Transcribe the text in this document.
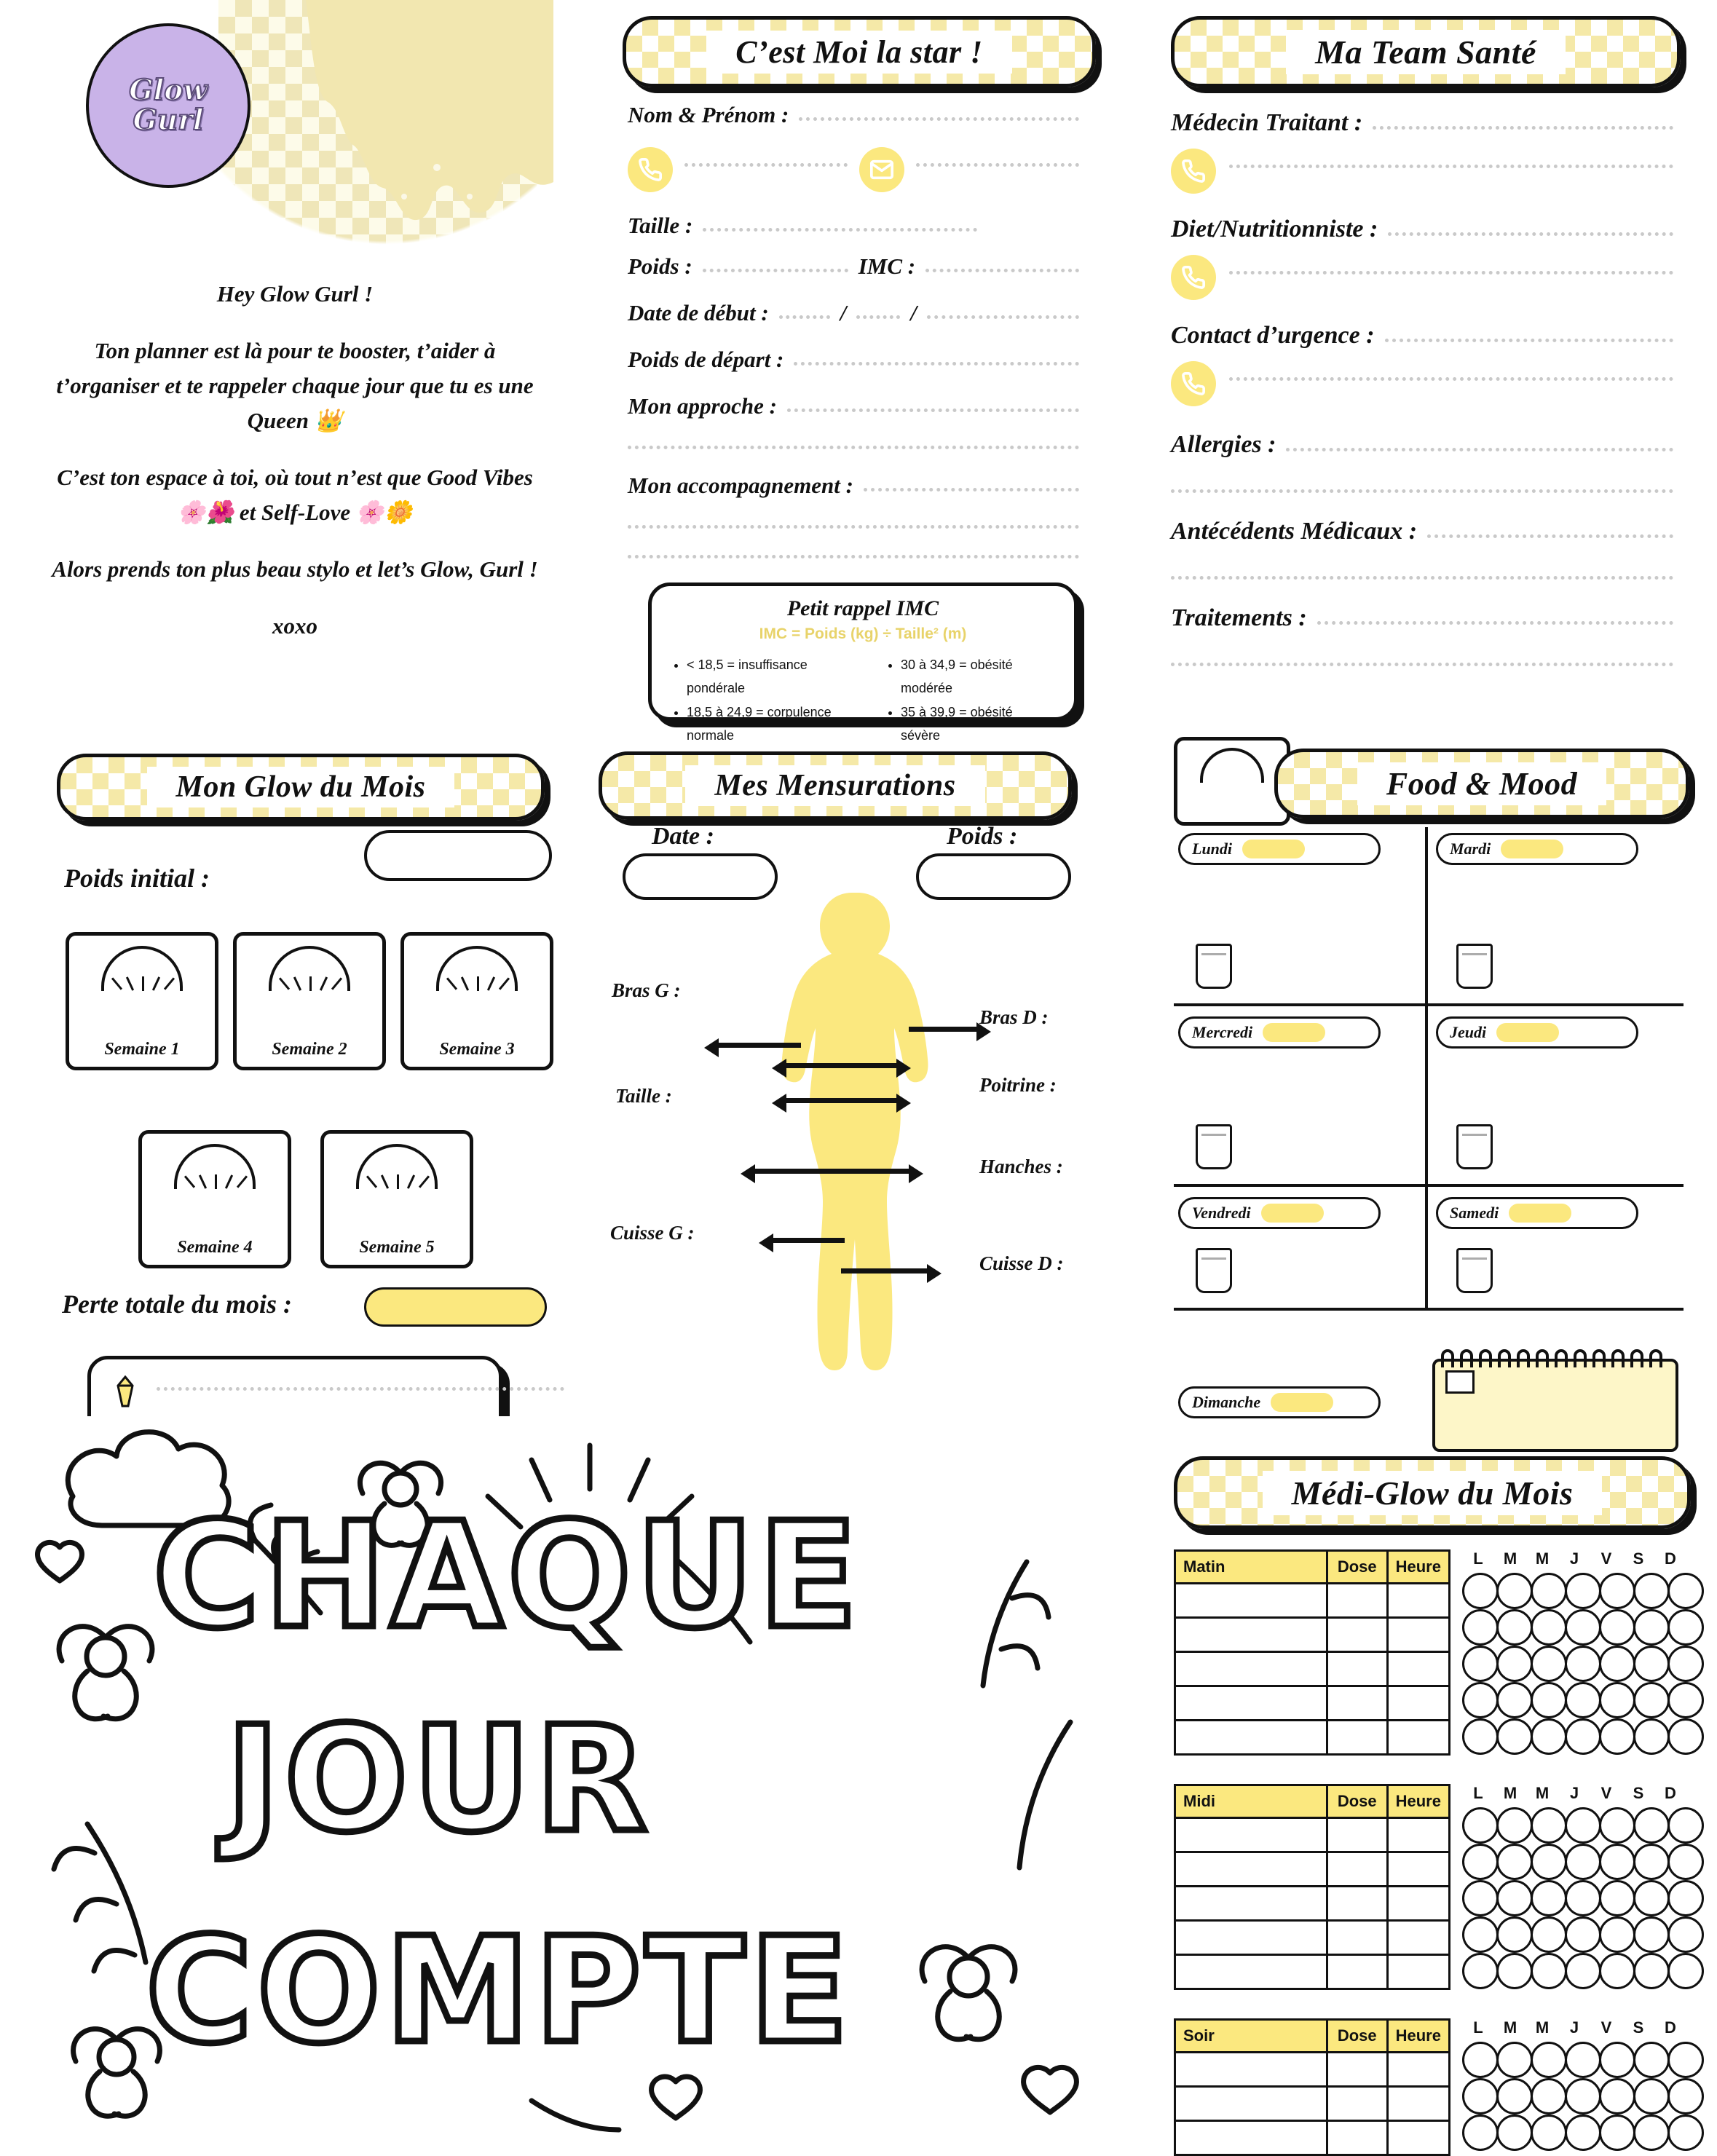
Glow
Gurl

Hey Glow Gurl !

Ton planner est là pour te booster, t’aider à t’organiser et te rappeler chaque jour que tu es une Queen 👑

C’est ton espace à toi, où tout n’est que Good Vibes 🌸🌺 et Self-Love 🌸🌼

Alors prends ton plus beau stylo et let’s Glow, Gurl !

xoxo

Mon Glow du Mois
Poids initial :
Semaine 1	Semaine 2	Semaine 3
Semaine 4	Semaine 5
Perte totale du mois :
C’est Moi la star !
Nom & Prénom :
Taille :
Poids :	IMC :
Date de début :	/	/
Poids de départ :
Mon approche :
Mon accompagnement :
Petit rappel IMC
IMC = Poids (kg) ÷ Taille² (m)
• < 18,5 = insuffisance pondérale
• 18,5 à 24,9 = corpulence normale
•
• 30 à 34,9 = obésité modérée
• 35 à 39,9 = obésité sévère
•
Mes Mensurations
Date :	Poids :
Bras G :
Bras D :
Taille :	Poitrine :
Hanches :
Cuisse G :
Cuisse D :
Ma Team Santé
Médecin Traitant :
Diet/Nutritionniste :
Contact d’urgence :
Allergies :
Antécédents Médicaux :
Traitements :
Food & Mood
Lundi	Mardi
Mercredi	Jeudi
Vendredi	Samedi
Dimanche
Médi-Glow du Mois
Matin	Dose	Heure

			L	M	M	J	V	S	D
Midi	Dose	Heure

			L	M	M	J	V	S	D
Soir	Dose	Heure

			L	M	M	J	V	S	D
CHAQUE
JOUR
COMPTE
